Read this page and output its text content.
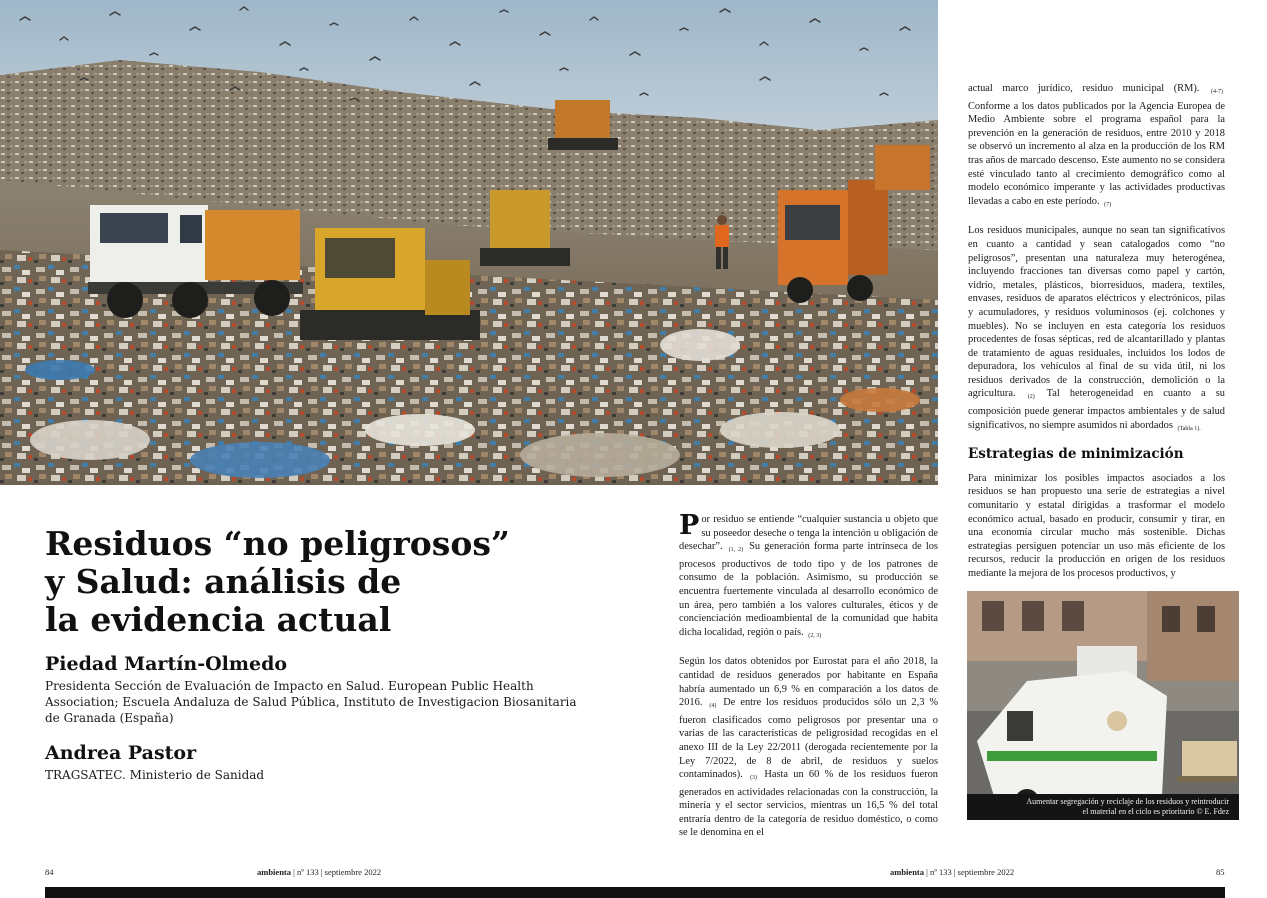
Residuos “no peligrosos”
y Salud: análisis de
la evidencia actual
Piedad Martín-Olmedo

Presidenta Sección de Evaluación de Impacto en Salud. European Public Health Association; Escuela Andaluza de Salud Pública, Instituto de Investigacion Biosanitaria de Granada (España)

Andrea Pastor

TRAGSATEC. Ministerio de Sanidad

Por residuo se entiende “cualquier sustancia u objeto que su poseedor deseche o tenga la intención u obligación de desechar”. (1, 2) Su generación forma parte intrínseca de los procesos productivos de todo tipo y de los patrones de consumo de la población. Asimismo, su producción se encuentra fuertemente vinculada al desarrollo económico de un área, pero también a los valores culturales, éticos y de concienciación medioambiental de la comunidad que habita dicha localidad, región o país. (2, 3)

Según los datos obtenidos por Eurostat para el año 2018, la cantidad de residuos generados por habitante en España habría aumentado un 6,9 % en comparación a los datos de 2016. (4) De entre los residuos producidos sólo un 2,3 % fueron clasificados como peligrosos por presentar una o varias de las características de peligrosidad recogidas en el anexo III de la Ley 22/2011 (derogada recientemente por la Ley 7/2022, de 8 de abril, de residuos y suelos contaminados). (3) Hasta un 60 % de los residuos fueron generados en actividades relacionadas con la construcción, la minería y el sector servicios, mientras un 16,5 % del total entraría dentro de la categoría de residuo doméstico, o como se le denomina en el

actual marco jurídico, residuo municipal (RM). (4-7) Conforme a los datos publicados por la Agencia Europea de Medio Ambiente sobre el programa español para la prevención en la generación de residuos, entre 2010 y 2018 se observó un incremento al alza en la producción de los RM tras años de marcado descenso. Este aumento no se considera esté vinculado tanto al crecimiento demográfico como al modelo económico imperante y las actividades productivas llevadas a cabo en este período. (7)

Los residuos municipales, aunque no sean tan significativos en cuanto a cantidad y sean catalogados como “no peligrosos”, presentan una naturaleza muy heterogénea, incluyendo fracciones tan diversas como papel y cartón, vidrio, metales, plásticos, biorresiduos, madera, textiles, envases, residuos de aparatos eléctricos y electrónicos, pilas y acumuladores, y residuos voluminosos (ej. colchones y muebles). No se incluyen en esta categoría los residuos procedentes de fosas sépticas, red de alcantarillado y plantas de tratamiento de aguas residuales, incluidos los lodos de depuradora, los vehículos al final de su vida útil, ni los residuos derivados de la construcción, demolición o la agricultura. (2) Tal heterogeneidad en cuanto a su composición puede generar impactos ambientales y de salud significativos, no siempre asumidos ni abordados (Tabla 1).

Estrategias de minimización

Para minimizar los posibles impactos asociados a los residuos se han propuesto una serie de estrategias a nivel comunitario y estatal dirigidas a trasformar el modelo económico actual, basado en producir, consumir y tirar, en una economía circular mucho más sostenible. Dichas estrategias persiguen potenciar un uso más eficiente de los recursos, reducir la producción en origen de los residuos mediante la mejora de los procesos productivos, y

Aumentar segregación y reciclaje de los residuos y reintroducir
el material en el ciclo es prioritario © E. Fdez
84	ambienta | nº 133 | septiembre 2022	ambienta | nº 133 | septiembre 2022	85
